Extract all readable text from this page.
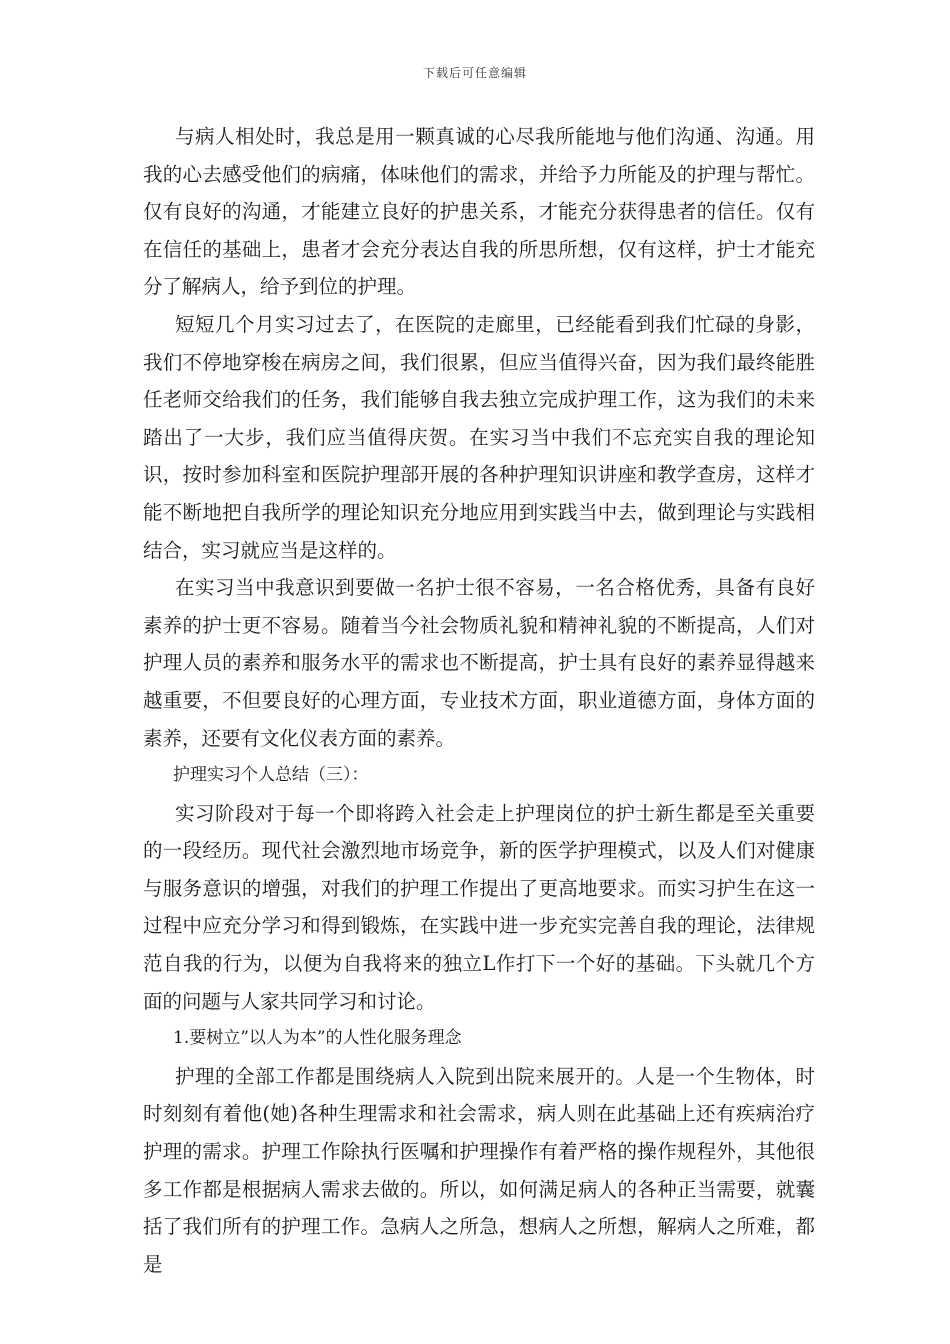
下载后可任意编辑

与病人相处时，我总是用一颗真诚的心尽我所能地与他们沟通、沟通。用我的心去感受他们的病痛，体味他们的需求，并给予力所能及的护理与帮忙。仅有良好的沟通，才能建立良好的护患关系，才能充分获得患者的信任。仅有在信任的基础上，患者才会充分表达自我的所思所想，仅有这样，护士才能充分了解病人，给予到位的护理。

短短几个月实习过去了，在医院的走廊里，已经能看到我们忙碌的身影，我们不停地穿梭在病房之间，我们很累，但应当值得兴奋，因为我们最终能胜任老师交给我们的任务，我们能够自我去独立完成护理工作，这为我们的未来踏出了一大步，我们应当值得庆贺。在实习当中我们不忘充实自我的理论知识，按时参加科室和医院护理部开展的各种护理知识讲座和教学查房，这样才能不断地把自我所学的理论知识充分地应用到实践当中去，做到理论与实践相结合，实习就应当是这样的。

在实习当中我意识到要做一名护士很不容易，一名合格优秀，具备有良好素养的护士更不容易。随着当今社会物质礼貌和精神礼貌的不断提高，人们对护理人员的素养和服务水平的需求也不断提高，护士具有良好的素养显得越来越重要，不但要良好的心理方面，专业技术方面，职业道德方面，身体方面的素养，还要有文化仪表方面的素养。

护理实习个人总结（三）：

实习阶段对于每一个即将跨入社会走上护理岗位的护士新生都是至关重要的一段经历。现代社会激烈地市场竞争，新的医学护理模式，以及人们对健康与服务意识的增强，对我们的护理工作提出了更高地要求。而实习护生在这一过程中应充分学习和得到锻炼，在实践中进一步充实完善自我的理论，法律规范自我的行为，以便为自我将来的独立L作打下一个好的基础。下头就几个方面的问题与人家共同学习和讨论。

1.要树立”以人为本”的人性化服务理念

护理的全部工作都是围绕病人入院到出院来展开的。人是一个生物体，时时刻刻有着他(她)各种生理需求和社会需求，病人则在此基础上还有疾病治疗护理的需求。护理工作除执行医嘱和护理操作有着严格的操作规程外，其他很多工作都是根据病人需求去做的。所以，如何满足病人的各种正当需要，就囊括了我们所有的护理工作。急病人之所急，想病人之所想，解病人之所难，都是
